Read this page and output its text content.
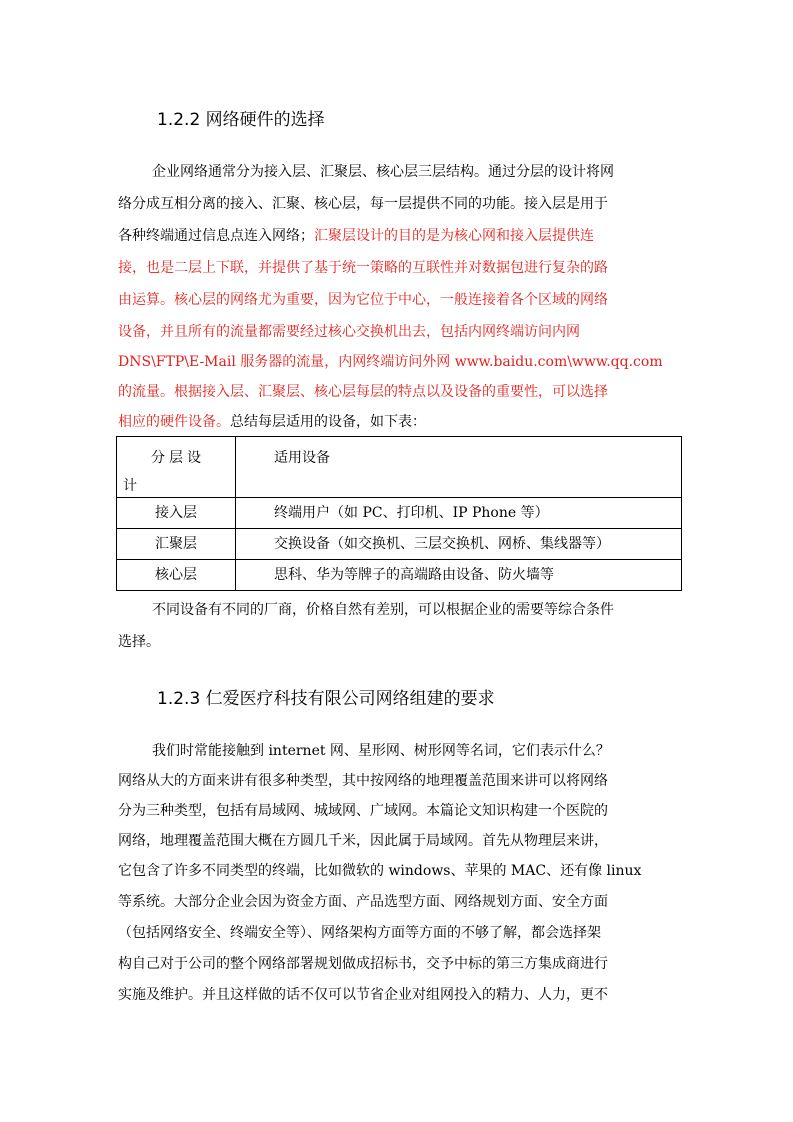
1.2.2 网络硬件的选择
企业网络通常分为接入层、汇聚层、核心层三层结构。通过分层的设计将网
络分成互相分离的接入、汇聚、核心层，每一层提供不同的功能。接入层是用于
各种终端通过信息点连入网络；汇聚层设计的目的是为核心网和接入层提供连
接，也是二层上下联，并提供了基于统一策略的互联性并对数据包进行复杂的路
由运算。核心层的网络尤为重要，因为它位于中心，一般连接着各个区域的网络
设备，并且所有的流量都需要经过核心交换机出去，包括内网终端访问内网
DNS\FTP\E-Mail 服务器的流量，内网终端访问外网 www.baidu.com\www.qq.com
的流量。根据接入层、汇聚层、核心层每层的特点以及设备的重要性，可以选择
相应的硬件设备。总结每层适用的设备，如下表：
分层设
计	适用设备
接入层	终端用户（如 PC、打印机、IP Phone 等）
汇聚层	交换设备（如交换机、三层交换机、网桥、集线器等）
核心层	思科、华为等牌子的高端路由设备、防火墙等
不同设备有不同的厂商，价格自然有差别，可以根据企业的需要等综合条件
选择。
1.2.3 仁爱医疗科技有限公司网络组建的要求
我们时常能接触到 internet 网、星形网、树形网等名词，它们表示什么？
网络从大的方面来讲有很多种类型，其中按网络的地理覆盖范围来讲可以将网络
分为三种类型，包括有局域网、城域网、广域网。本篇论文知识构建一个医院的
网络，地理覆盖范围大概在方圆几千米，因此属于局域网。首先从物理层来讲，
它包含了许多不同类型的终端，比如微软的 windows、苹果的 MAC、还有像 linux
等系统。大部分企业会因为资金方面、产品选型方面、网络规划方面、安全方面
（包括网络安全、终端安全等）、网络架构方面等方面的不够了解，都会选择架
构自己对于公司的整个网络部署规划做成招标书，交予中标的第三方集成商进行
实施及维护。并且这样做的话不仅可以节省企业对组网投入的精力、人力，更不
